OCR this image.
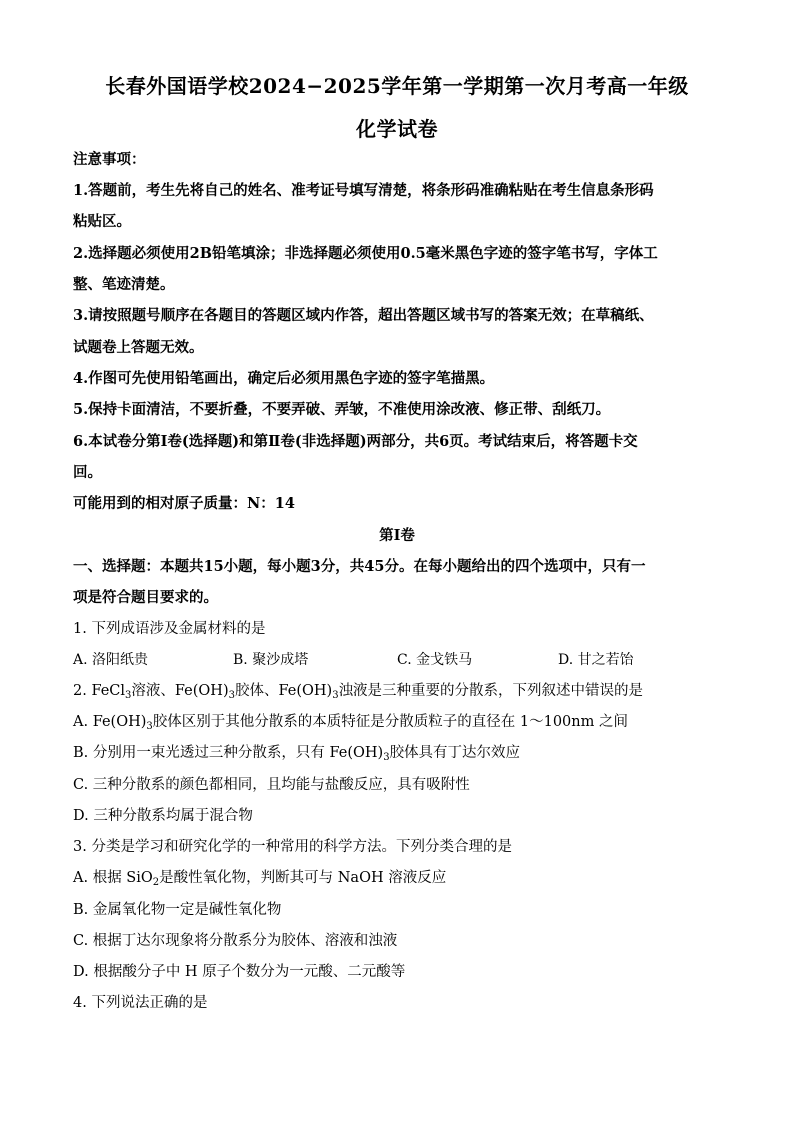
长春外国语学校2024−2025学年第一学期第一次月考高一年级
化学试卷
注意事项：
1.答题前，考生先将自己的姓名、准考证号填写清楚，将条形码准确粘贴在考生信息条形码
粘贴区。
2.选择题必须使用2B铅笔填涂；非选择题必须使用0.5毫米黑色字迹的签字笔书写，字体工
整、笔迹清楚。
3.请按照题号顺序在各题目的答题区域内作答，超出答题区域书写的答案无效；在草稿纸、
试题卷上答题无效。
4.作图可先使用铅笔画出，确定后必须用黑色字迹的签字笔描黑。
5.保持卡面清洁，不要折叠，不要弄破、弄皱，不准使用涂改液、修正带、刮纸刀。
6.本试卷分第Ⅰ卷(选择题)和第Ⅱ卷(非选择题)两部分，共6页。考试结束后，将答题卡交
回。
可能用到的相对原子质量：N：14
第Ⅰ卷
一、选择题：本题共15小题，每小题3分，共45分。在每小题给出的四个选项中，只有一
项是符合题目要求的。
1. 下列成语涉及金属材料的是
A. 洛阳纸贵	B. 聚沙成塔	C. 金戈铁马	D. 甘之若饴
2. FeCl$_3$溶液、$Fe(OH)_3$胶体、$Fe(OH)_3$浊液是三种重要的分散系，下列叙述中错误的是
A. $Fe(OH)_3$胶体区别于其他分散系的本质特征是分散质粒子的直径在 1～100nm 之间
B. 分别用一束光透过三种分散系，只有 $Fe(OH)_3$胶体具有丁达尔效应
C. 三种分散系的颜色都相同，且均能与盐酸反应，具有吸附性
D. 三种分散系均属于混合物
3. 分类是学习和研究化学的一种常用的科学方法。下列分类合理的是
A. 根据 SiO$_2$是酸性氧化物，判断其可与 NaOH 溶液反应
B. 金属氧化物一定是碱性氧化物
C. 根据丁达尔现象将分散系分为胶体、溶液和浊液
D. 根据酸分子中 H 原子个数分为一元酸、二元酸等
4. 下列说法正确的是
